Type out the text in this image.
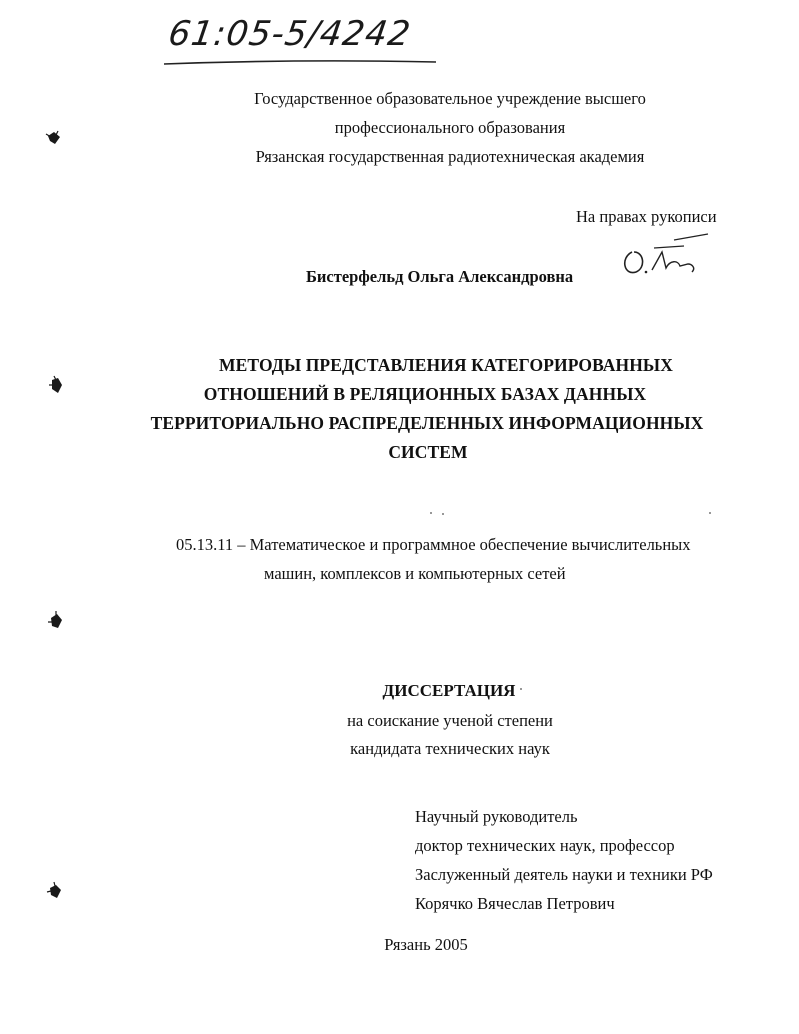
61:05-5/4242
Государственное образовательное учреждение высшего
профессионального образования
Рязанская государственная радиотехническая академия
На правах рукописи
Бистерфельд Ольга Александровна
МЕТОДЫ ПРЕДСТАВЛЕНИЯ КАТЕГОРИРОВАННЫХ
ОТНОШЕНИЙ В РЕЛЯЦИОННЫХ БАЗАХ ДАННЫХ
ТЕРРИТОРИАЛЬНО РАСПРЕДЕЛЕННЫХ ИНФОРМАЦИОННЫХ
СИСТЕМ
05.13.11 – Математическое и программное обеспечение вычислительных
машин, комплексов и компьютерных сетей
ДИССЕРТАЦИЯ
на соискание ученой степени
кандидата технических наук
Научный руководитель
доктор технических наук, профессор
Заслуженный деятель науки и техники РФ
Корячко Вячеслав Петрович
Рязань 2005
